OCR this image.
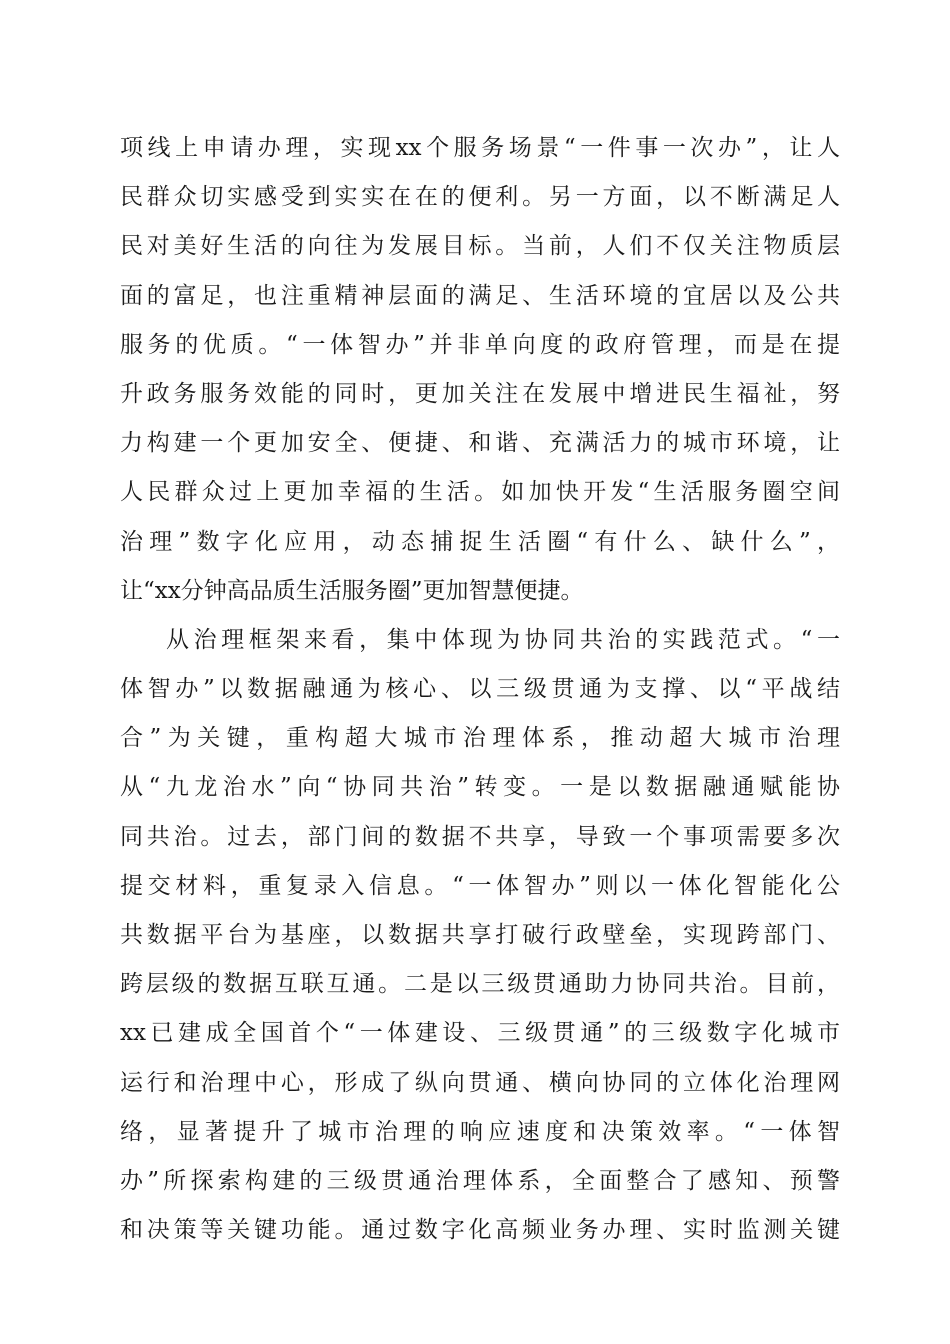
项线上申请办理，实现xx个服务场景“一件事一次办”，让人
民群众切实感受到实实在在的便利。另一方面，以不断满足人
民对美好生活的向往为发展目标。当前，人们不仅关注物质层
面的富足，也注重精神层面的满足、生活环境的宜居以及公共
服务的优质。“一体智办”并非单向度的政府管理，而是在提
升政务服务效能的同时，更加关注在发展中增进民生福祉，努
力构建一个更加安全、便捷、和谐、充满活力的城市环境，让
人民群众过上更加幸福的生活。如加快开发“生活服务圈空间
治理”数字化应用，动态捕捉生活圈“有什么、缺什么”，
让“xx分钟高品质生活服务圈”更加智慧便捷。
从治理框架来看，集中体现为协同共治的实践范式。“一
体智办”以数据融通为核心、以三级贯通为支撑、以“平战结
合”为关键，重构超大城市治理体系，推动超大城市治理
从“九龙治水”向“协同共治”转变。一是以数据融通赋能协
同共治。过去，部门间的数据不共享，导致一个事项需要多次
提交材料，重复录入信息。“一体智办”则以一体化智能化公
共数据平台为基座，以数据共享打破行政壁垒，实现跨部门、
跨层级的数据互联互通。二是以三级贯通助力协同共治。目前，
xx已建成全国首个“一体建设、三级贯通”的三级数字化城市
运行和治理中心，形成了纵向贯通、横向协同的立体化治理网
络，显著提升了城市治理的响应速度和决策效率。“一体智
办”所探索构建的三级贯通治理体系，全面整合了感知、预警
和决策等关键功能。通过数字化高频业务办理、实时监测关键
